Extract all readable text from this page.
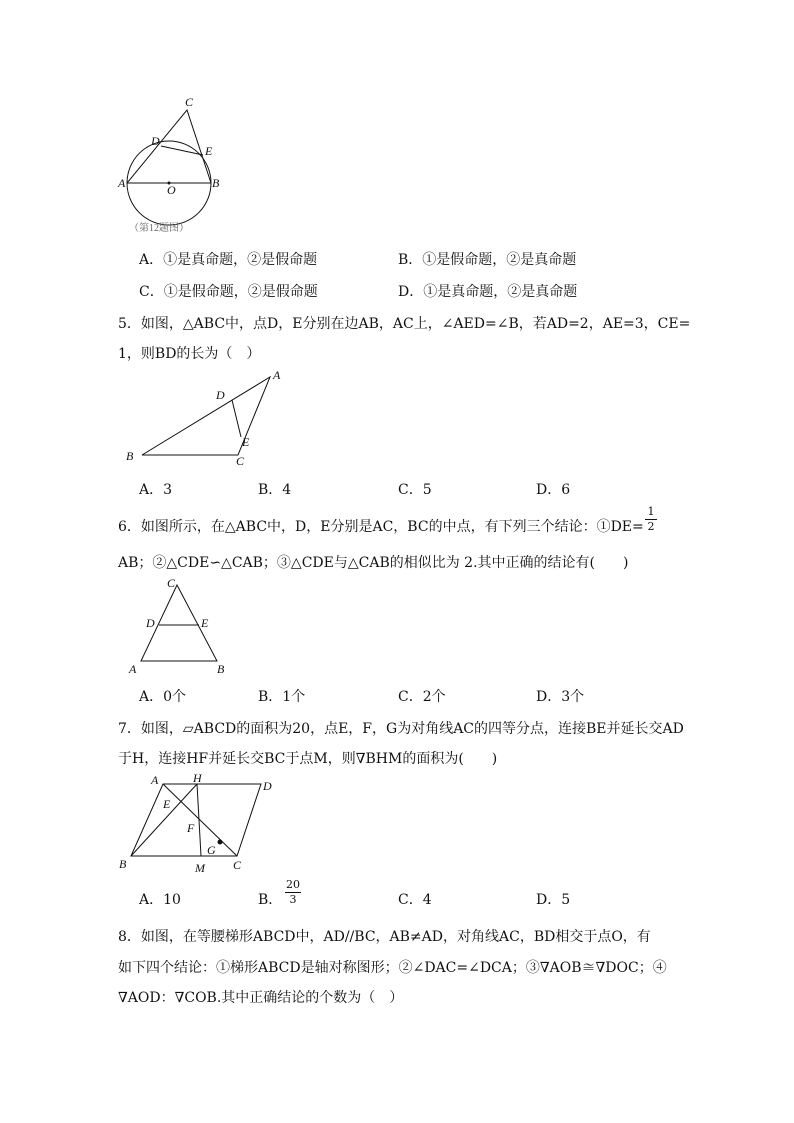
C
D
E
A	O	B
（第12题图）
A．①是真命题，②是假命题	B．①是假命题，②是真命题
C．①是假命题，②是假命题	D．①是真命题，②是真命题
5．如图，△ABC中，点D，E分别在边AB，AC上，∠AED=∠B，若AD=2，AE=3，CE=
1，则BD的长为（　）
A
D
E
B	C
A．3	B．4	C．5	D．6
6．如图所示，在△ABC中，D，E分别是AC，BC的中点，有下列三个结论：①DE=
1
2
AB；②△CDE∽△CAB；③△CDE与△CAB的相似比为 2.其中正确的结论有(　　)
C
D	E
A	B
A．0个	B．1个	C．2个	D．3个
7．如图，▱ABCD的面积为20，点E，F，G为对角线AC的四等分点，连接BE并延长交AD
于H，连接HF并延长交BC于点M，则∇BHM的面积为(　　)
A	H
D
E
F
G
B	M C
A．10	B．
20
3	C．4	D．5
8．如图，在等腰梯形ABCD中，AD//BC，AB≠AD，对角线AC，BD相交于点O，有
如下四个结论：①梯形ABCD是轴对称图形；②∠DAC=∠DCA；③∇AOB≅∇DOC；④
∇AOD：∇COB.其中正确结论的个数为（　）
